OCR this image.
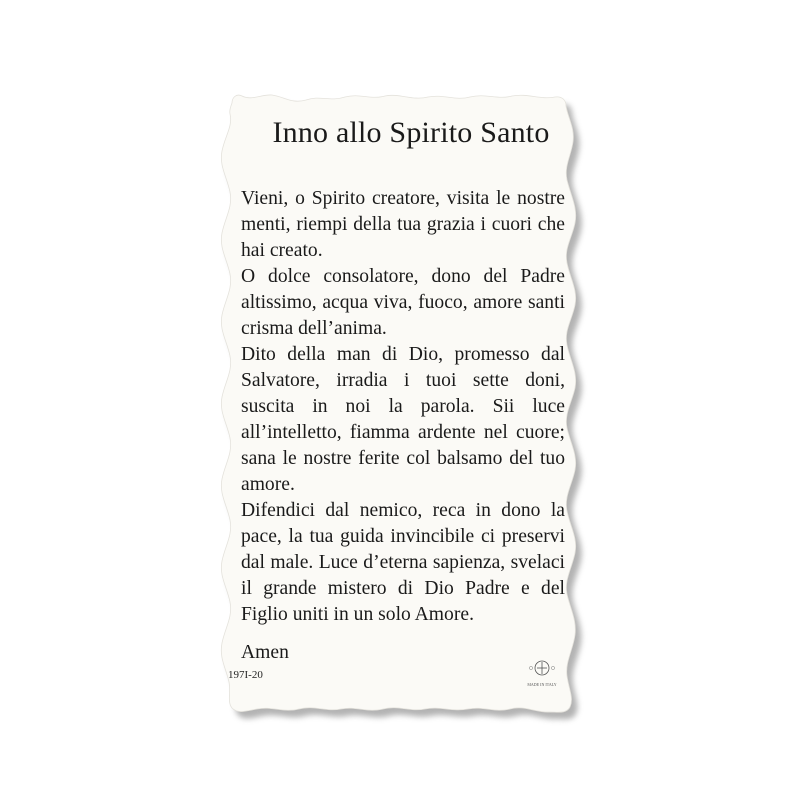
Inno allo Spirito Santo

Vieni, o Spirito creatore, visita le nostre menti, riempi della tua grazia i cuori che hai creato.

O dolce consolatore, dono del Padre altissimo, acqua viva, fuoco, amore santi crisma dell’anima.

Dito della man di Dio, promesso dal Salvatore, irradia i tuoi sette doni, suscita in noi la parola. Sii luce all’intelletto, fiamma ardente nel cuore; sana le nostre ferite col balsamo del tuo amore.

Difendici dal nemico, reca in dono la pace, la tua guida invincibile ci preservi dal male. Luce d’eterna sapienza, svelaci il grande mistero di Dio Padre e del Figlio uniti in un solo Amore.

Amen
197I-20
MADE IN ITALY
